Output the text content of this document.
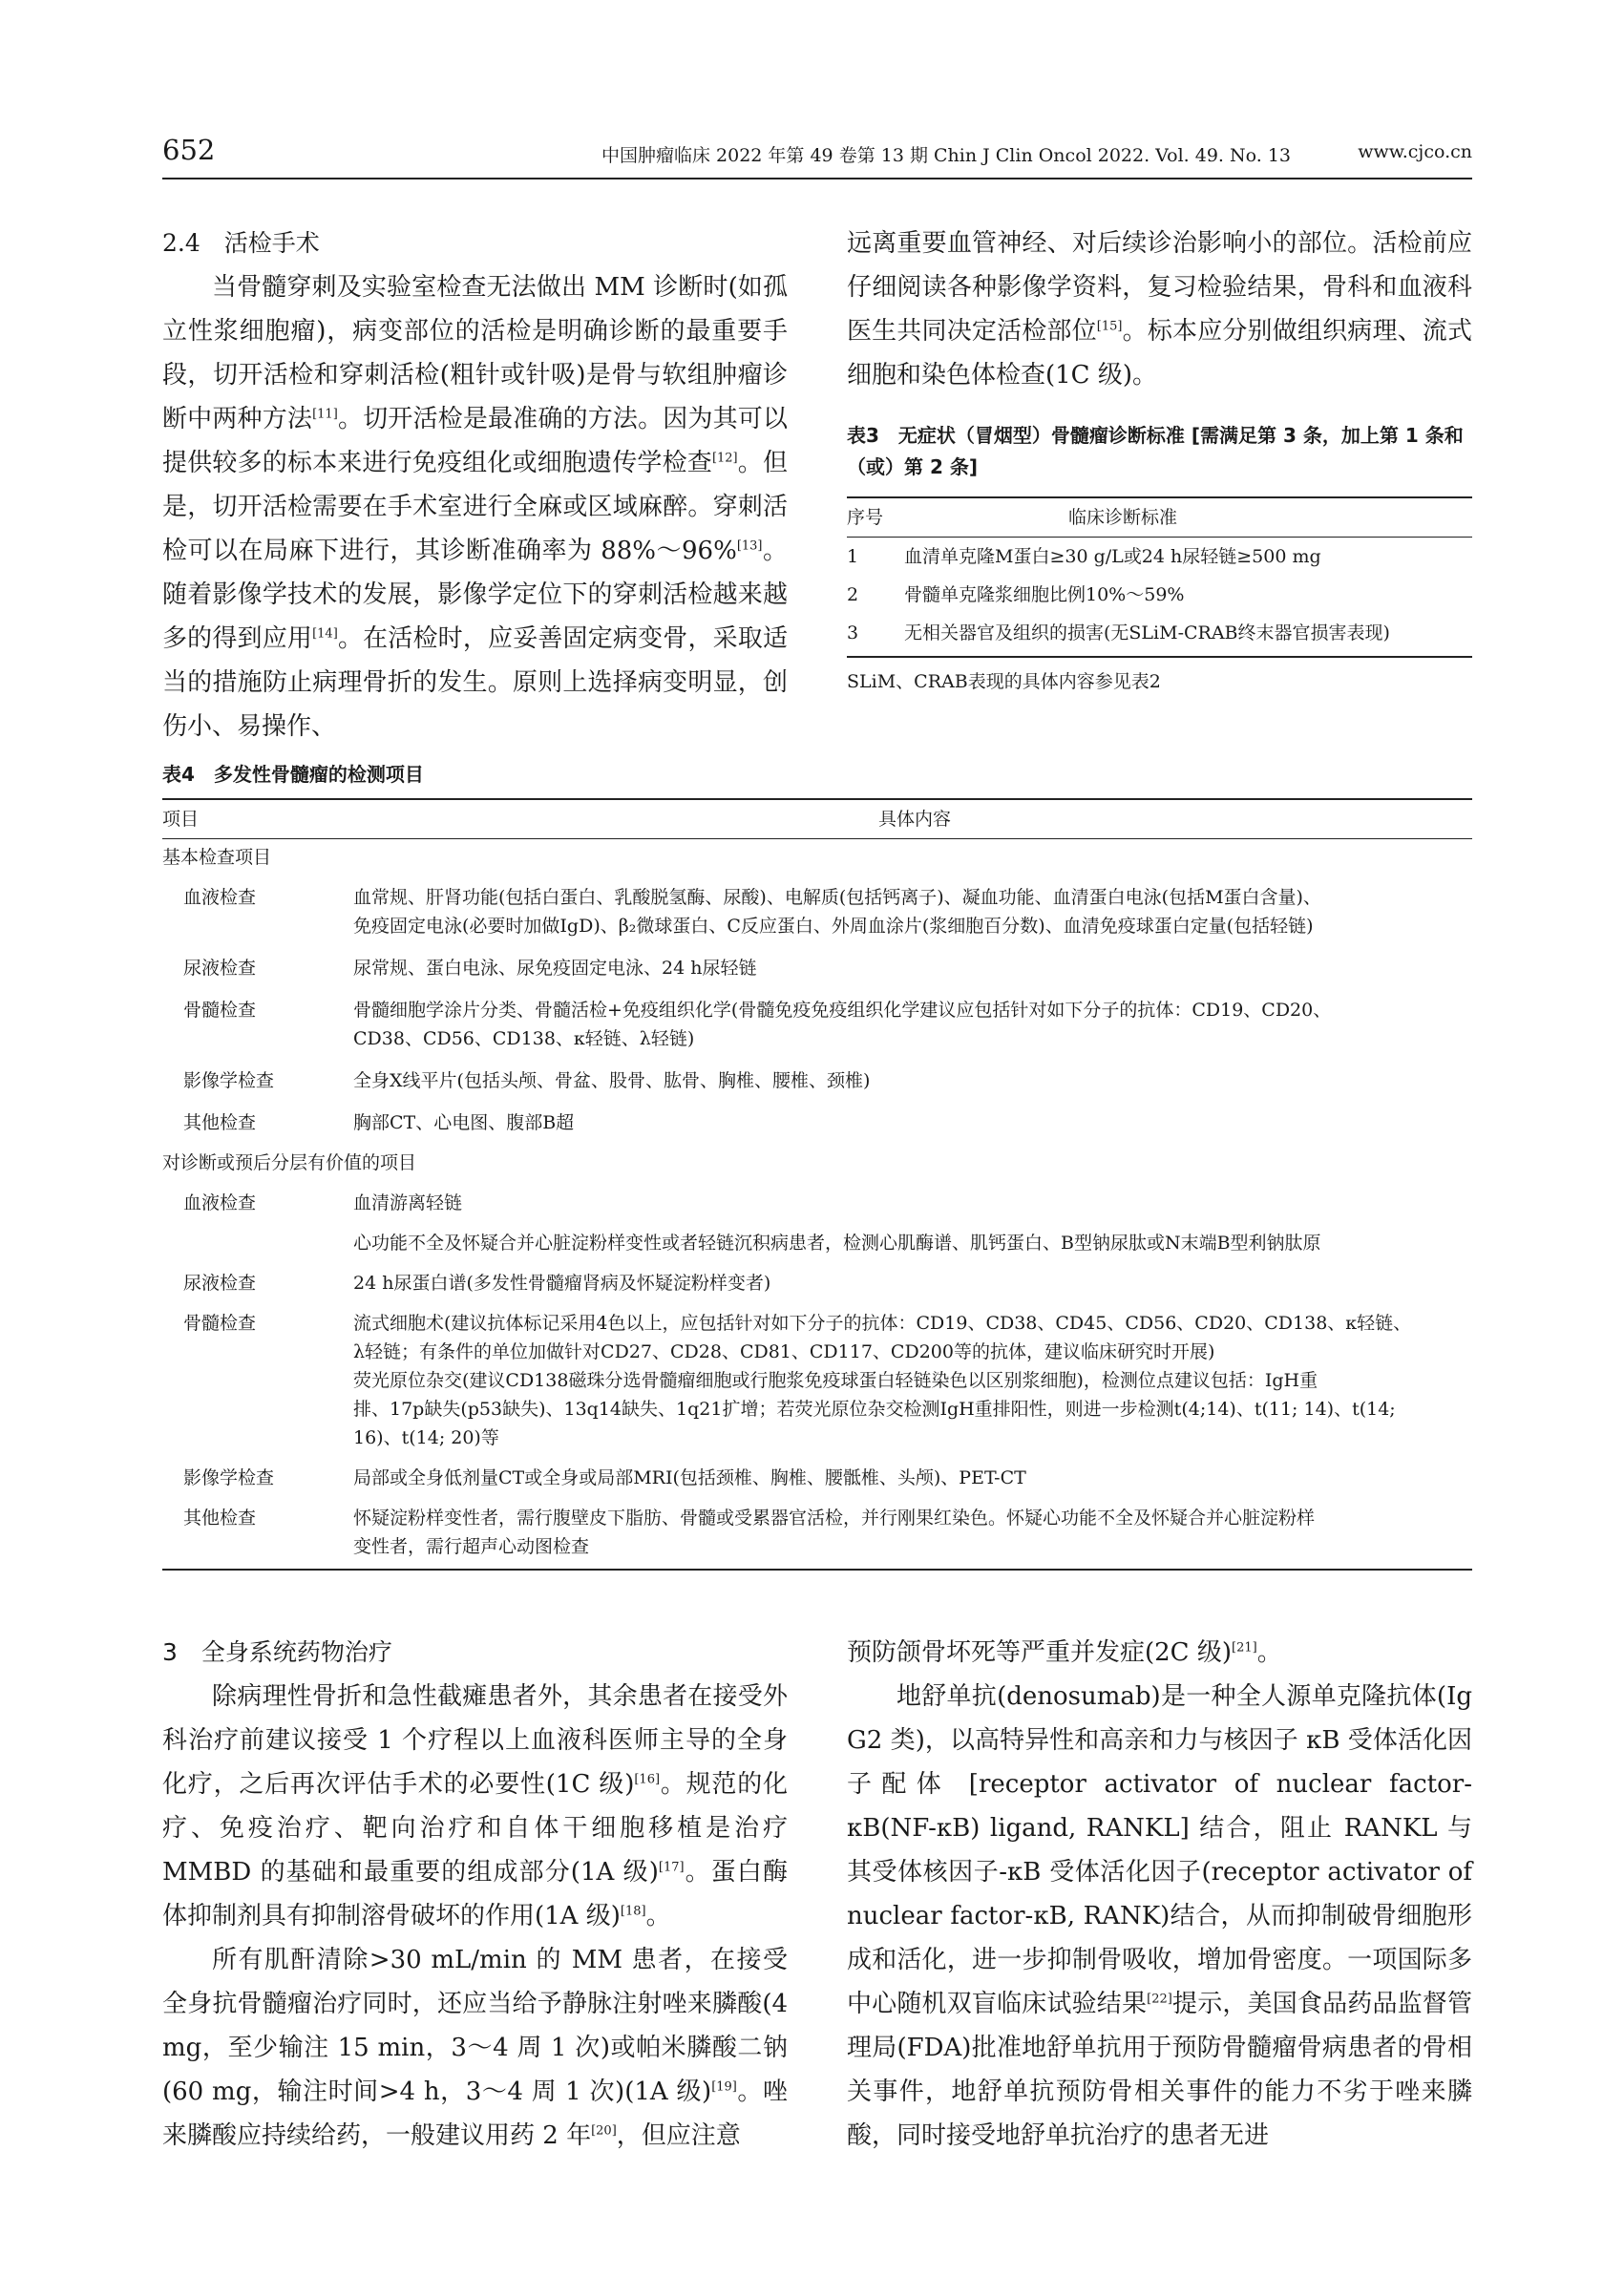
652	中国肿瘤临床 2022 年第 49 卷第 13 期 Chin J Clin Oncol 2022. Vol. 49. No. 13	www.cjco.cn

2.4　活检手术

当骨髓穿刺及实验室检查无法做出 MM 诊断时(如孤立性浆细胞瘤)，病变部位的活检是明确诊断的最重要手段，切开活检和穿刺活检(粗针或针吸)是骨与软组肿瘤诊断中两种方法[11]。切开活检是最准确的方法。因为其可以提供较多的标本来进行免疫组化或细胞遗传学检查[12]。但是，切开活检需要在手术室进行全麻或区域麻醉。穿刺活检可以在局麻下进行，其诊断准确率为 88%～96%[13]。随着影像学技术的发展，影像学定位下的穿刺活检越来越多的得到应用[14]。在活检时，应妥善固定病变骨，采取适当的措施防止病理骨折的发生。原则上选择病变明显，创伤小、易操作、

远离重要血管神经、对后续诊治影响小的部位。活检前应仔细阅读各种影像学资料，复习检验结果，骨科和血液科医生共同决定活检部位[15]。标本应分别做组织病理、流式细胞和染色体检查(1C 级)。

表3　无症状（冒烟型）骨髓瘤诊断标准 [需满足第 3 条，加上第 1 条和（或）第 2 条]

序号	临床诊断标准
1	血清单克隆M蛋白≥30 g/L或24 h尿轻链≥500 mg
2	骨髓单克隆浆细胞比例10%～59%
3	无相关器官及组织的损害(无SLiM-CRAB终末器官损害表现)

SLiM、CRAB表现的具体内容参见表2

表4　多发性骨髓瘤的检测项目

项目	具体内容
基本检查项目
血液检查	血常规、肝肾功能(包括白蛋白、乳酸脱氢酶、尿酸)、电解质(包括钙离子)、凝血功能、血清蛋白电泳(包括M蛋白含量)、
免疫固定电泳(必要时加做IgD)、β₂微球蛋白、C反应蛋白、外周血涂片(浆细胞百分数)、血清免疫球蛋白定量(包括轻链)
尿液检查	尿常规、蛋白电泳、尿免疫固定电泳、24 h尿轻链
骨髓检查	骨髓细胞学涂片分类、骨髓活检+免疫组织化学(骨髓免疫免疫组织化学建议应包括针对如下分子的抗体：CD19、CD20、
CD38、CD56、CD138、κ轻链、λ轻链)
影像学检查	全身X线平片(包括头颅、骨盆、股骨、肱骨、胸椎、腰椎、颈椎)
其他检查	胸部CT、心电图、腹部B超
对诊断或预后分层有价值的项目
血液检查	血清游离轻链
心功能不全及怀疑合并心脏淀粉样变性或者轻链沉积病患者，检测心肌酶谱、肌钙蛋白、B型钠尿肽或N末端B型利钠肽原
尿液检查	24 h尿蛋白谱(多发性骨髓瘤肾病及怀疑淀粉样变者)
骨髓检查	流式细胞术(建议抗体标记采用4色以上，应包括针对如下分子的抗体：CD19、CD38、CD45、CD56、CD20、CD138、κ轻链、
λ轻链；有条件的单位加做针对CD27、CD28、CD81、CD117、CD200等的抗体，建议临床研究时开展)
荧光原位杂交(建议CD138磁珠分选骨髓瘤细胞或行胞浆免疫球蛋白轻链染色以区别浆细胞)，检测位点建议包括：IgH重
排、17p缺失(p53缺失)、13q14缺失、1q21扩增；若荧光原位杂交检测IgH重排阳性，则进一步检测t(4;14)、t(11; 14)、t(14;
16)、t(14; 20)等
影像学检查	局部或全身低剂量CT或全身或局部MRI(包括颈椎、胸椎、腰骶椎、头颅)、PET-CT
其他检查	怀疑淀粉样变性者，需行腹壁皮下脂肪、骨髓或受累器官活检，并行刚果红染色。怀疑心功能不全及怀疑合并心脏淀粉样
变性者，需行超声心动图检查

3　全身系统药物治疗

除病理性骨折和急性截瘫患者外，其余患者在接受外科治疗前建议接受 1 个疗程以上血液科医师主导的全身化疗，之后再次评估手术的必要性(1C 级)[16]。规范的化疗、免疫治疗、靶向治疗和自体干细胞移植是治疗 MMBD 的基础和最重要的组成部分(1A 级)[17]。蛋白酶体抑制剂具有抑制溶骨破坏的作用(1A 级)[18]。

所有肌酐清除>30 mL/min 的 MM 患者，在接受全身抗骨髓瘤治疗同时，还应当给予静脉注射唑来膦酸(4 mg，至少输注 15 min，3～4 周 1 次)或帕米膦酸二钠(60 mg，输注时间>4 h，3～4 周 1 次)(1A 级)[19]。唑来膦酸应持续给药，一般建议用药 2 年[20]，但应注意

预防颌骨坏死等严重并发症(2C 级)[21]。

地舒单抗(denosumab)是一种全人源单克隆抗体(Ig G2 类)，以高特异性和高亲和力与核因子 κB 受体活化因子配体 [receptor activator of nuclear factor-κB(NF-κB) ligand, RANKL] 结合，阻止 RANKL 与其受体核因子-κB 受体活化因子(receptor activator of nuclear factor-κB, RANK)结合，从而抑制破骨细胞形成和活化，进一步抑制骨吸收，增加骨密度。一项国际多中心随机双盲临床试验结果[22]提示，美国食品药品监督管理局(FDA)批准地舒单抗用于预防骨髓瘤骨病患者的骨相关事件，地舒单抗预防骨相关事件的能力不劣于唑来膦酸，同时接受地舒单抗治疗的患者无进
